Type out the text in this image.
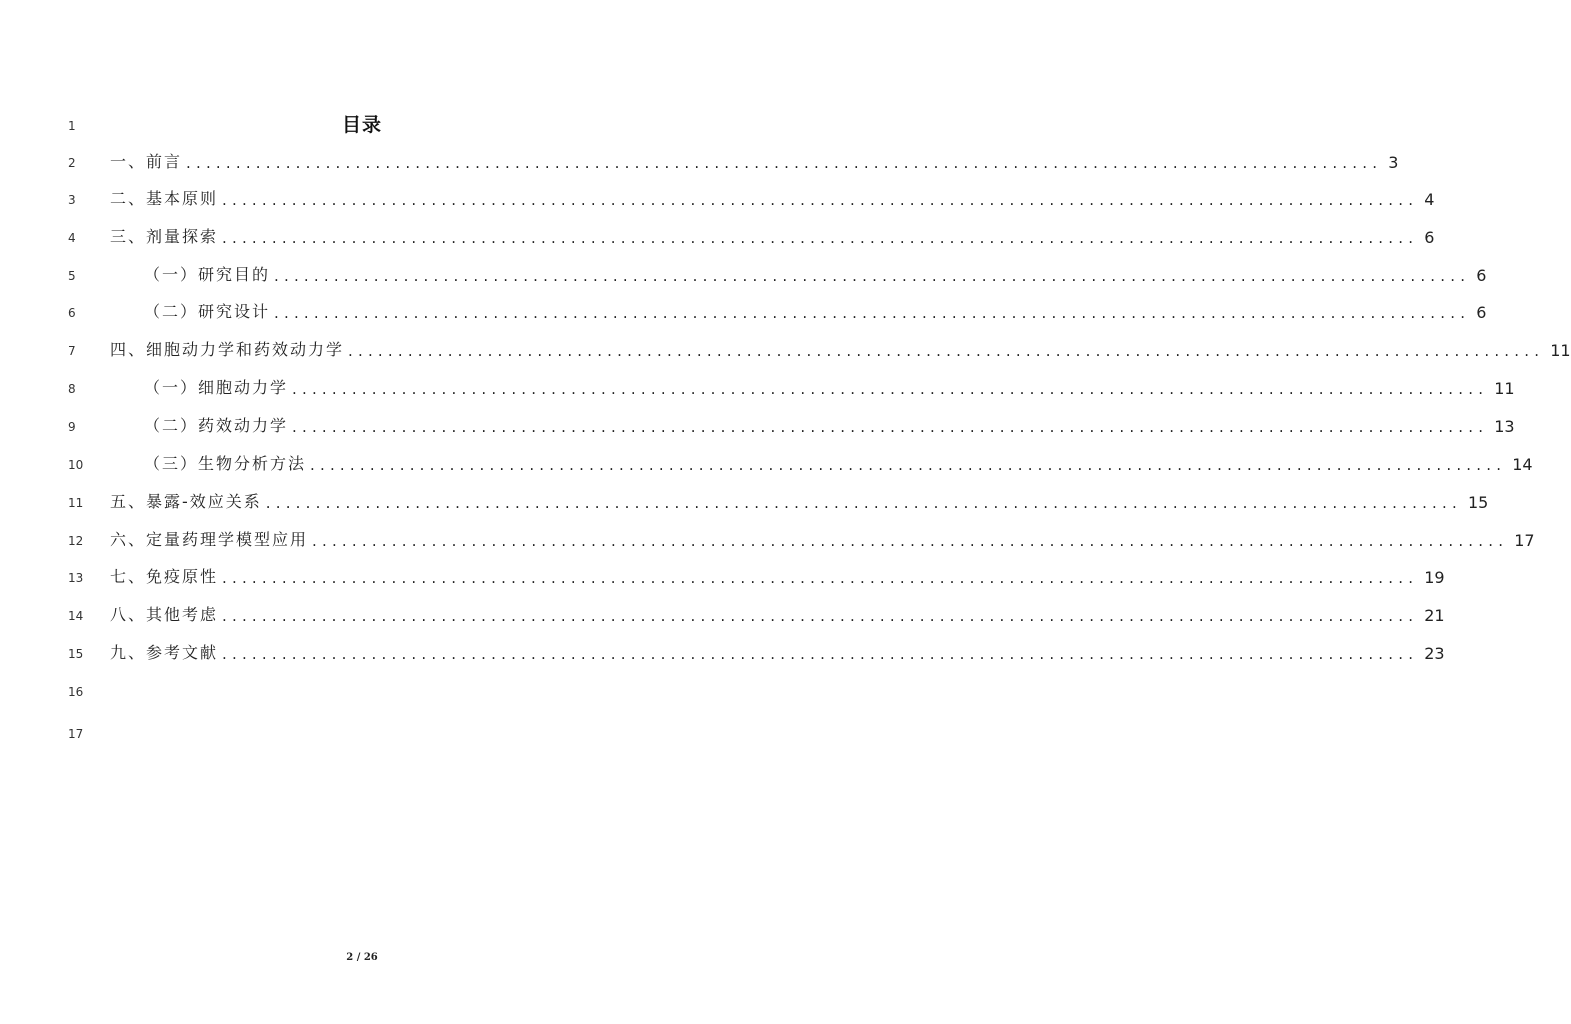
1
2
3
4
5
6
7
8
9
10
11
12
13
14
15
16
17
目录
一、前言 ........................................................................................................................ 3
二、基本原则 ........................................................................................................................ 4
三、剂量探索 ........................................................................................................................ 6
（一）研究目的 ........................................................................................................................ 6
（二）研究设计 ........................................................................................................................ 6
四、细胞动力学和药效动力学 ........................................................................................................................ 11
（一）细胞动力学 ........................................................................................................................ 11
（二）药效动力学 ........................................................................................................................ 13
（三）生物分析方法 ........................................................................................................................ 14
五、暴露-效应关系 ........................................................................................................................ 15
六、定量药理学模型应用 ........................................................................................................................ 17
七、免疫原性 ........................................................................................................................ 19
八、其他考虑 ........................................................................................................................ 21
九、参考文献 ........................................................................................................................ 23
2 / 26
